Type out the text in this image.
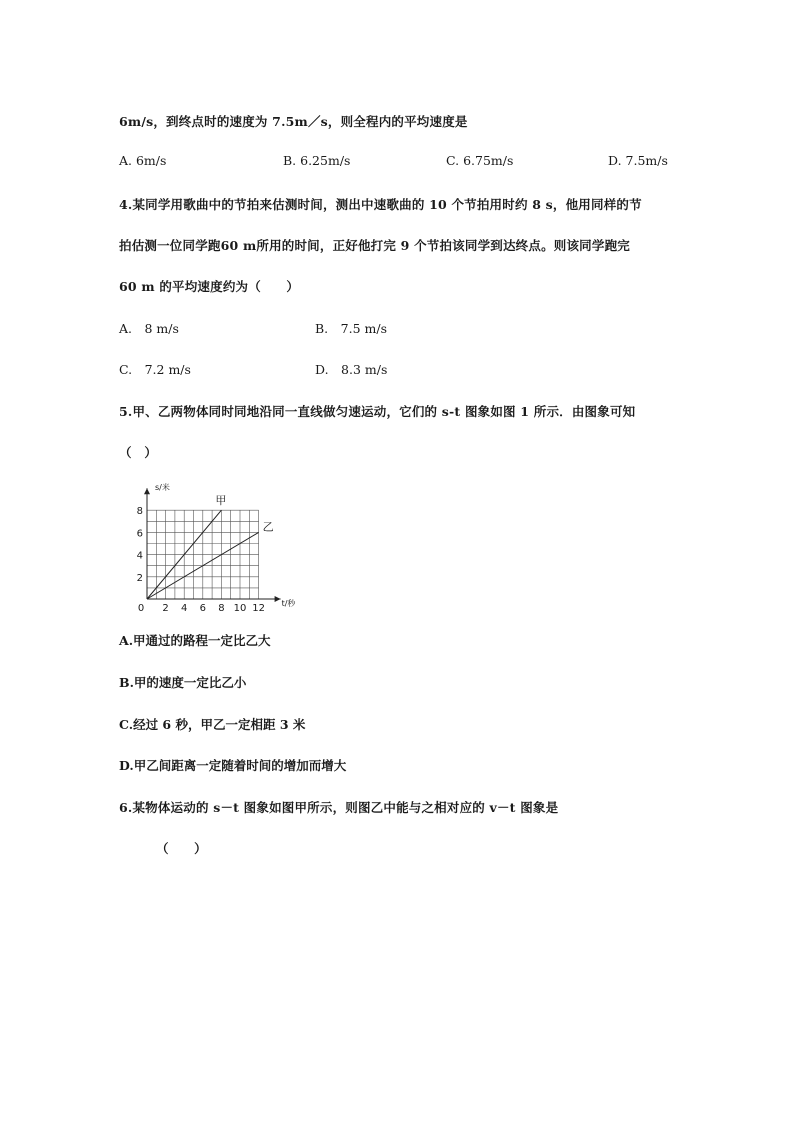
6m/s，到终点时的速度为 7.5m／s，则全程内的平均速度是
A. 6m/s	B. 6.25m/s	C. 6.75m/s	D. 7.5m/s
4.某同学用歌曲中的节拍来估测时间，测出中速歌曲的 10 个节拍用时约 8 s，他用同样的节
拍估测一位同学跑60 m所用的时间，正好他打完 9 个节拍该同学到达终点。则该同学跑完
60 m 的平均速度约为（　　）
A.　8 m/s	B.　7.5 m/s
C.　7.2 m/s	D.　8.3 m/s
5.甲、乙两物体同时同地沿同一直线做匀速运动，它们的 s-t 图象如图 1 所示．由图象可知
（　）
0 2 4 6 8 10 12
2
4
6
8
t/秒
s/米
甲
乙
A.甲通过的路程一定比乙大
B.甲的速度一定比乙小
C.经过 6 秒，甲乙一定相距 3 米
D.甲乙间距离一定随着时间的增加而增大
6.某物体运动的 s－t 图象如图甲所示，则图乙中能与之相对应的 v－t 图象是
（　　）
